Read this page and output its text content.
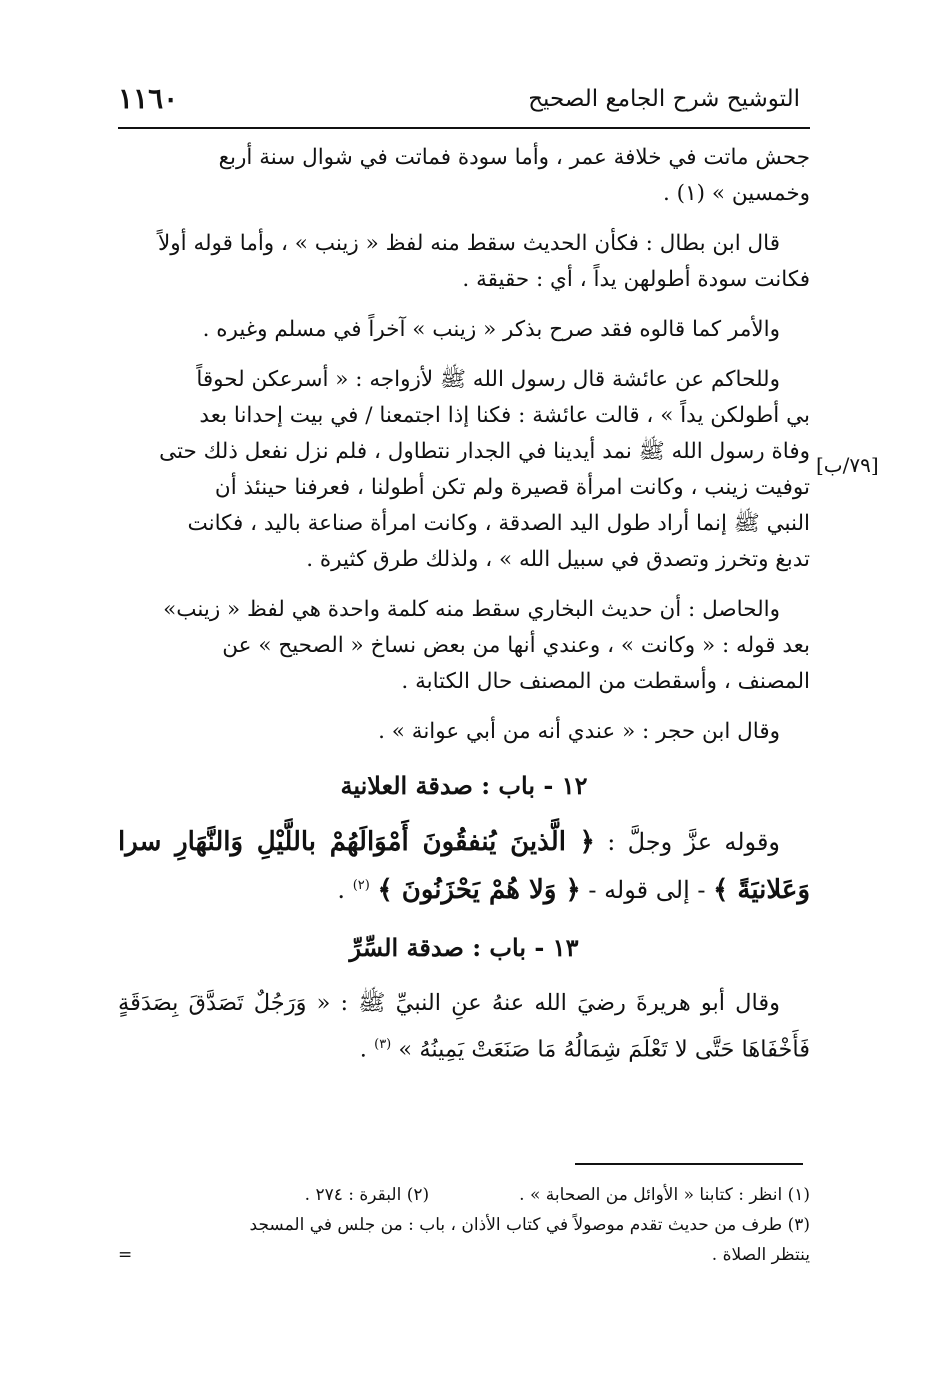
١١٦٠	التوشيح شرح الجامع الصحيح
[٧٩/ب]
جحش ماتت في خلافة عمر ، وأما سودة فماتت في شوال سنة أربع
وخمسين » (١) .
قال ابن بطال : فكأن الحديث سقط منه لفظ « زينب » ، وأما قوله أولاً
فكانت سودة أطولهن يداً ، أي : حقيقة .
والأمر كما قالوه فقد صرح بذكر « زينب » آخراً في مسلم وغيره .
وللحاكم عن عائشة قال رسول الله ﷺ لأزواجه : « أسرعكن لحوقاً
بي أطولكن يداً » ، قالت عائشة : فكنا إذا اجتمعنا / في بيت إحدانا بعد
وفاة رسول الله ﷺ نمد أيدينا في الجدار نتطاول ، فلم نزل نفعل ذلك حتى
توفيت زينب ، وكانت امرأة قصيرة ولم تكن أطولنا ، فعرفنا حينئذ أن
النبي ﷺ إنما أراد طول اليد الصدقة ، وكانت امرأة صناعة باليد ، فكانت
تدبغ وتخرز وتصدق في سبيل الله » ، ولذلك طرق كثيرة .
والحاصل : أن حديث البخاري سقط منه كلمة واحدة هي لفظ « زينب»
بعد قوله : « وكانت » ، وعندي أنها من بعض نساخ « الصحيح » عن
المصنف ، وأسقطت من المصنف حال الكتابة .
وقال ابن حجر : « عندي أنه من أبي عوانة » .
١٢ - باب : صدقة العلانية
وقوله عزَّ وجلَّ : ﴿ الَّذينَ يُنفقُونَ أَمْوَالَهُمْ باللَّيْلِ وَالنَّهَارِ سرا وَعَلانيَةً ﴾ - إلى قوله - ﴿ وَلا هُمْ يَحْزَنُونَ ﴾ $^{(٢)}$ .
١٣ - باب : صدقة السِّرِّ
وقال أبو هريرةَ رضيَ الله عنهُ عنِ النبيِّ ﷺ : « وَرَجُلٌ تَصَدَّقَ بِصَدَقَةٍ فَأَخْفَاهَا حَتَّى لا تَعْلَمَ شِمَالُهُ مَا صَنَعَتْ يَمِينُهُ » $^{(٣)}$ .
(١) انظر : كتابنا « الأوائل من الصحابة » .
(٢) البقرة : ٢٧٤ .
(٣) طرف من حديث تقدم موصولاً في كتاب الأذان ، باب : من جلس في المسجد
ينتظر الصلاة .
=
